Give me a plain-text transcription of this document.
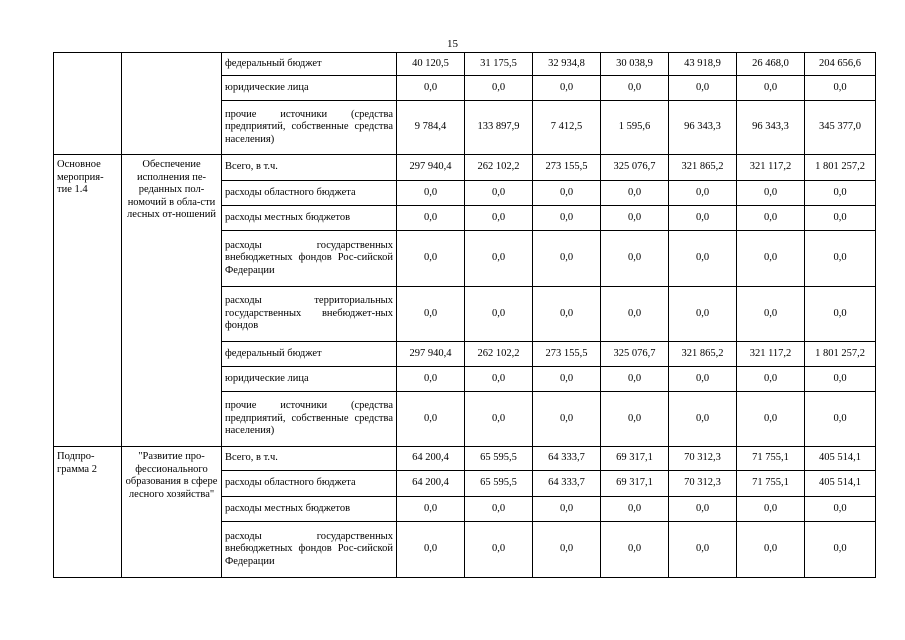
15
		федеральный бюджет	40 120,5	31 175,5	32 934,8	30 038,9	43 918,9	26 468,0	204 656,6
		юридические лица	0,0	0,0	0,0	0,0	0,0	0,0	0,0
		прочие источники (средства предприятий, собственные средства населения)	9 784,4	133 897,9	7 412,5	1 595,6	96 343,3	96 343,3	345 377,0
Основное мероприя-тие 1.4	Обеспечение исполнения пе-реданных пол-номочий в обла-сти лесных от-ношений	Всего, в т.ч.	297 940,4	262 102,2	273 155,5	325 076,7	321 865,2	321 117,2	1 801 257,2
		расходы областного бюджета	0,0	0,0	0,0	0,0	0,0	0,0	0,0
		расходы местных бюджетов	0,0	0,0	0,0	0,0	0,0	0,0	0,0
		расходы государственных внебюджетных фондов Рос-сийской Федерации	0,0	0,0	0,0	0,0	0,0	0,0	0,0
		расходы территориальных государственных внебюджет-ных фондов	0,0	0,0	0,0	0,0	0,0	0,0	0,0
		федеральный бюджет	297 940,4	262 102,2	273 155,5	325 076,7	321 865,2	321 117,2	1 801 257,2
		юридические лица	0,0	0,0	0,0	0,0	0,0	0,0	0,0
		прочие источники (средства предприятий, собственные средства населения)	0,0	0,0	0,0	0,0	0,0	0,0	0,0
Подпро-грамма 2	"Развитие про-фессионального образования в сфере лесного хозяйства"	Всего, в т.ч.	64 200,4	65 595,5	64 333,7	69 317,1	70 312,3	71 755,1	405 514,1
		расходы областного бюджета	64 200,4	65 595,5	64 333,7	69 317,1	70 312,3	71 755,1	405 514,1
		расходы местных бюджетов	0,0	0,0	0,0	0,0	0,0	0,0	0,0
		расходы государственных внебюджетных фондов Рос-сийской Федерации	0,0	0,0	0,0	0,0	0,0	0,0	0,0
